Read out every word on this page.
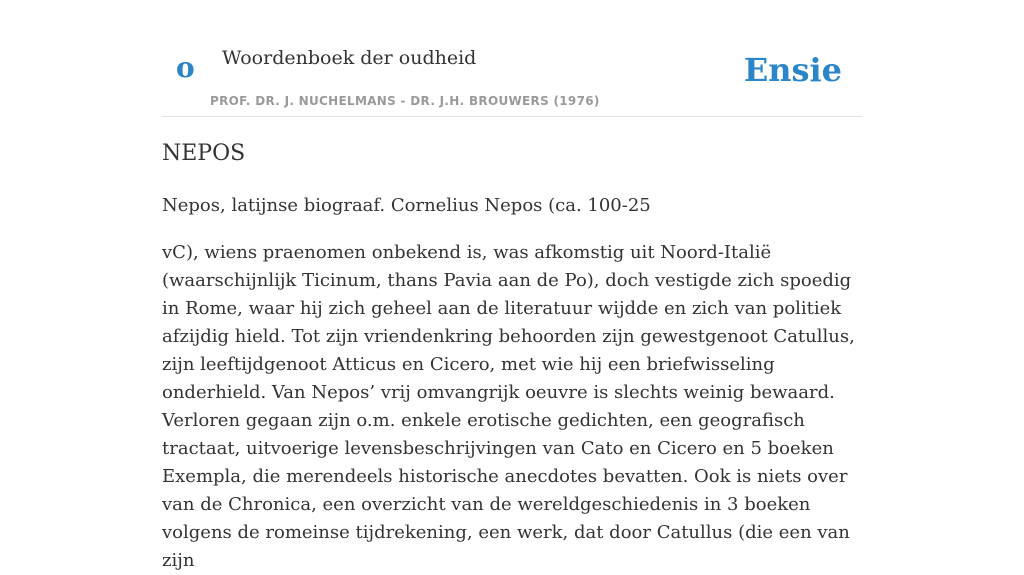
o Woordenboek der oudheid
PROF. DR. J. NUCHELMANS - DR. J.H. BROUWERS (1976)
Ensie
NEPOS

Nepos, latijnse biograaf. Cornelius Nepos (ca. 100-25

vC), wiens praenomen onbekend is, was afkomstig uit Noord-Italië (waarschijnlijk Ticinum, thans Pavia aan de Po), doch vestigde zich spoedig in Rome, waar hij zich geheel aan de literatuur wijdde en zich van politiek afzijdig hield. Tot zijn vriendenkring behoorden zijn gewestgenoot Catullus, zijn leeftijdgenoot Atticus en Cicero, met wie hij een briefwisseling onderhield. Van Nepos’ vrij omvangrijk oeuvre is slechts weinig bewaard. Verloren gegaan zijn o.m. enkele erotische gedichten, een geografisch tractaat, uitvoerige levensbeschrijvingen van Cato en Cicero en 5 boeken Exempla, die merendeels historische anecdotes bevatten. Ook is niets over van de Chronica, een overzicht van de wereldgeschiedenis in 3 boeken volgens de romeinse tijdrekening, een werk, dat door Catullus (die een van zijn
